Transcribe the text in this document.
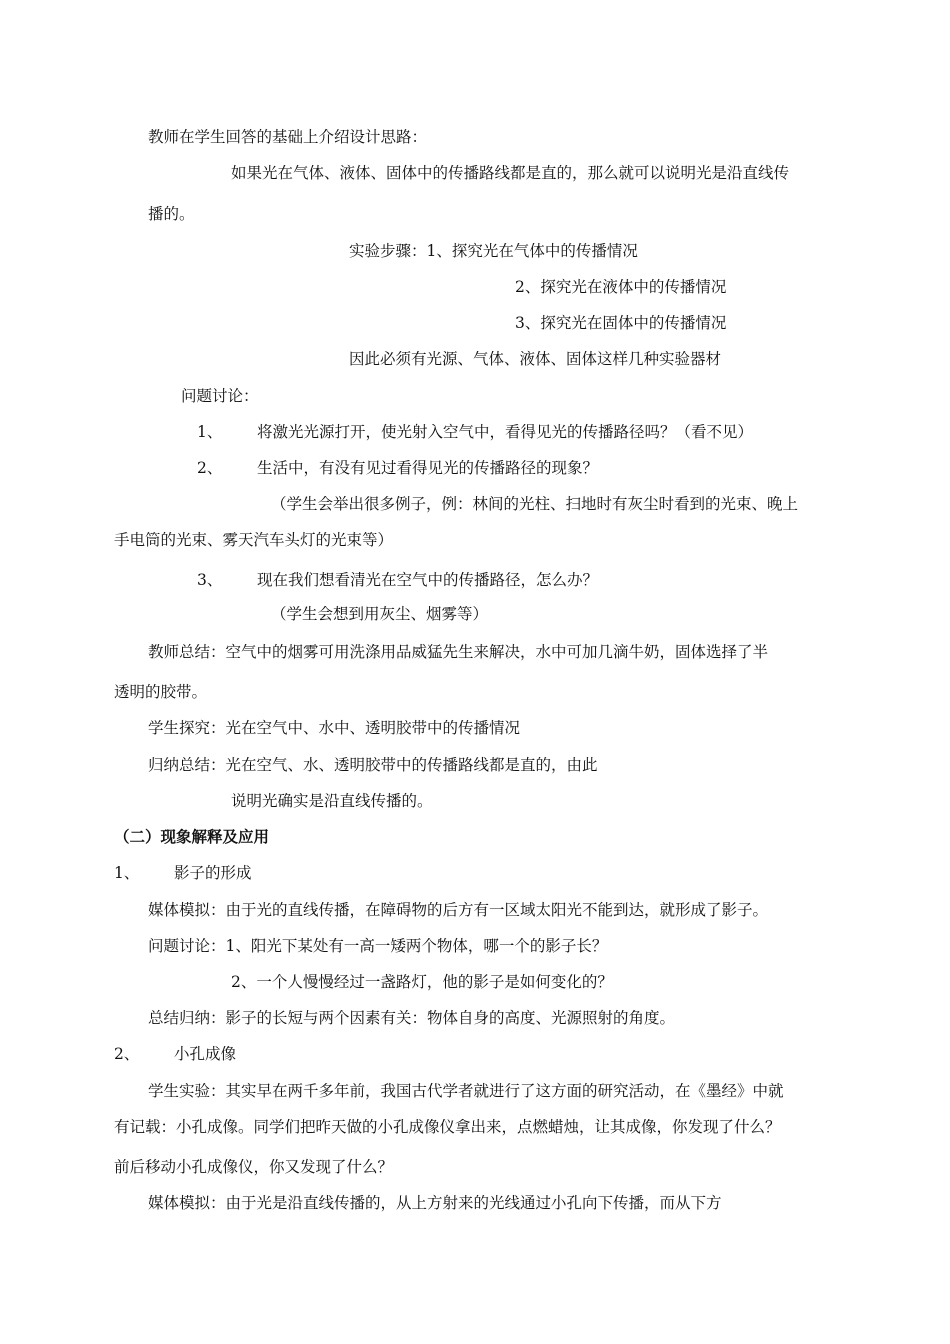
教师在学生回答的基础上介绍设计思路：
如果光在气体、液体、固体中的传播路线都是直的，那么就可以说明光是沿直线传
播的。
实验步骤：1、探究光在气体中的传播情况
2、探究光在液体中的传播情况
3、探究光在固体中的传播情况
因此必须有光源、气体、液体、固体这样几种实验器材
问题讨论：
1、 将激光光源打开，使光射入空气中，看得见光的传播路径吗？（看不见）
2、 生活中，有没有见过看得见光的传播路径的现象？
（学生会举出很多例子，例：林间的光柱、扫地时有灰尘时看到的光束、晚上
手电筒的光束、雾天汽车头灯的光束等）
3、 现在我们想看清光在空气中的传播路径，怎么办？
（学生会想到用灰尘、烟雾等）
教师总结：空气中的烟雾可用洗涤用品威猛先生来解决，水中可加几滴牛奶，固体选择了半
透明的胶带。
学生探究：光在空气中、水中、透明胶带中的传播情况
归纳总结：光在空气、水、透明胶带中的传播路线都是直的，由此
说明光确实是沿直线传播的。
（二）现象解释及应用
1、 影子的形成
媒体模拟：由于光的直线传播，在障碍物的后方有一区域太阳光不能到达，就形成了影子。
问题讨论：1、阳光下某处有一高一矮两个物体，哪一个的影子长？
2、一个人慢慢经过一盏路灯，他的影子是如何变化的？
总结归纳：影子的长短与两个因素有关：物体自身的高度、光源照射的角度。
2、 小孔成像
学生实验：其实早在两千多年前，我国古代学者就进行了这方面的研究活动，在《墨经》中就
有记载：小孔成像。同学们把昨天做的小孔成像仪拿出来，点燃蜡烛，让其成像，你发现了什么？
前后移动小孔成像仪，你又发现了什么？
媒体模拟：由于光是沿直线传播的，从上方射来的光线通过小孔向下传播，而从下方
